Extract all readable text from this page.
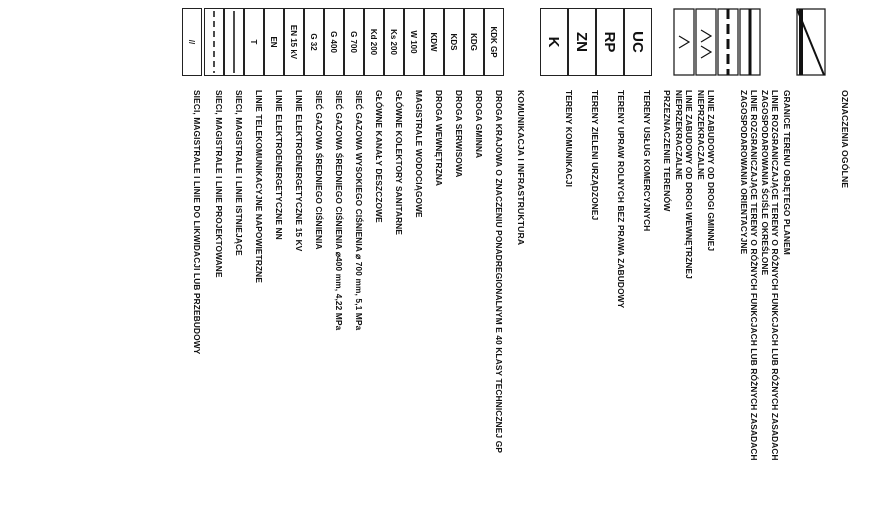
OZNACZENIA OGÓLNE
GRANICE TERENU OBJĘTEGO PLANEM
LINIE ROZGRANICZAJĄCE TERENY O RÓŻNYCH FUNKCJACH LUB RÓŻNYCH ZASADACH ZAGOSPODAROWANIA ŚCIŚLE OKREŚLONE
LINIE ROZGRANICZAJĄCE TERENY O RÓŻNYCH FUNKCJACH LUB RÓŻNYCH ZASADACH ZAGOSPODAROWANIA ORIENTACYJNE
LINIE ZABUDOWY OD DROGI GMINNEJ NIEPRZEKRACZALNE
LINIE ZABUDOWY OD DROGI WEWNĘTRZNEJ NIEPRZEKRACZALNE
PRZEZNACZENIE TERENÓW
UC
TERENY USŁUG KOMERCYJNYCH
RP
TERENY UPRAW ROLNYCH BEZ PRAWA ZABUDOWY
ZN
TERENY ZIELENI URZĄDZONEJ
K
TERENY KOMUNIKACJI
KOMUNIKACJA I INFRASTRUKTURA
KDK GP
DROGA KRAJOWA O ZNACZENIU PONADREGIONALNYM E 40 KLASY TECHNICZNEJ GP
KDG
DROGA GMINNA
KDS
DROGA SERWISOWA
KDW
DROGA WEWNĘTRZNA
W 100
MAGISTRALE WODOCIĄGOWE
Ks 200
GŁÓWNE KOLEKTORY SANITARNE
Kd 200
GŁÓWNE KANAŁY DESZCZOWE
G 700
SIEĆ GAZOWA WYSOKIEGO CIŚNIENIA ⌀ 700 mm, 5,1 MPa
G 400
SIEĆ GAZOWA ŚREDNIEGO CIŚNIENIA ⌀400 mm, 4,22 MPa
G 32
SIEĆ GAZOWA ŚREDNIEGO CIŚNIENIA
EN 15 kV
LINIE ELEKTROENERGETYCZNE 15 KV
EN
LINIE ELEKTROENERGETYCZNE NN
T
LINIE TELEKOMUNIKACYJNE NAPOWIETRZNE
SIECI, MAGISTRALE I LINIE ISTNIEJĄCE
SIECI, MAGISTRALE I LINIE PROJEKTOWANE
//
SIECI, MAGISTRALE I LINIE DO LIKWIDACJI LUB PRZEBUDOWY
